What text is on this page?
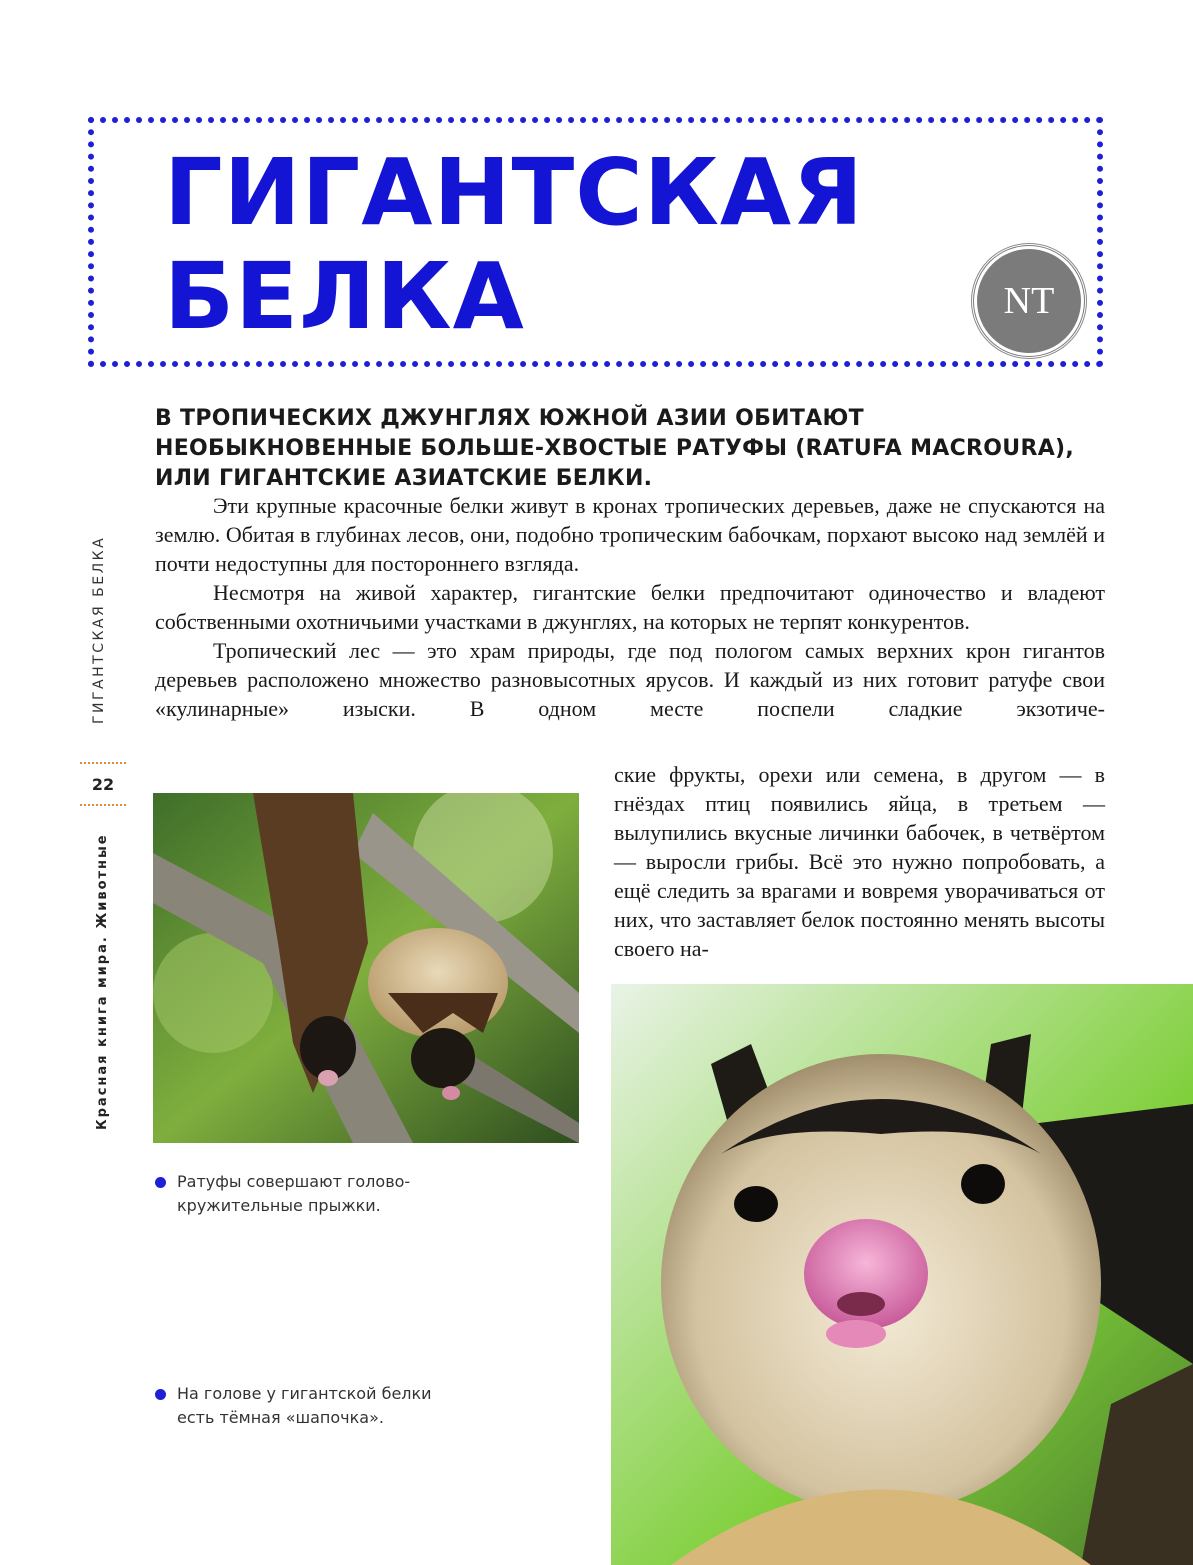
ГИГАНТСКАЯ БЕЛКА	NT

В ТРОПИЧЕСКИХ ДЖУНГЛЯХ ЮЖНОЙ АЗИИ ОБИТАЮТ НЕОБЫКНОВЕННЫЕ БОЛЬШЕ-ХВОСТЫЕ РАТУФЫ (RATUFA MACROURA), ИЛИ ГИГАНТСКИЕ АЗИАТСКИЕ БЕЛКИ.

Эти крупные красочные белки живут в кронах тропических деревьев, даже не спускаются на землю. Обитая в глубинах лесов, они, подобно тропическим бабочкам, порхают высоко над землёй и почти недоступны для постороннего взгляда.

Несмотря на живой характер, гигантские белки предпочитают одиночество и владеют собственными охотничьими участками в джунглях, на которых не терпят конкурентов.

Тропический лес — это храм природы, где под пологом самых верхних крон гигантов деревьев расположено множество разновысотных ярусов. И каждый из них готовит ратуфе свои «кулинарные» изыски. В одном месте поспели сладкие экзотиче-

ские фрукты, орехи или семена, в другом — в гнёздах птиц появились яйца, в третьем — вылупились вкусные личинки бабочек, в четвёртом — выросли грибы. Всё это нужно попробовать, а ещё следить за врагами и вовремя уворачиваться от них, что заставляет белок постоянно менять высоты своего на-
ГИГАНТСКАЯ БЕЛКА
22
Красная книга мира. Животные
Ратуфы совершают голово-кружительные прыжки.
На голове у гигантской белки есть тёмная «шапочка».
